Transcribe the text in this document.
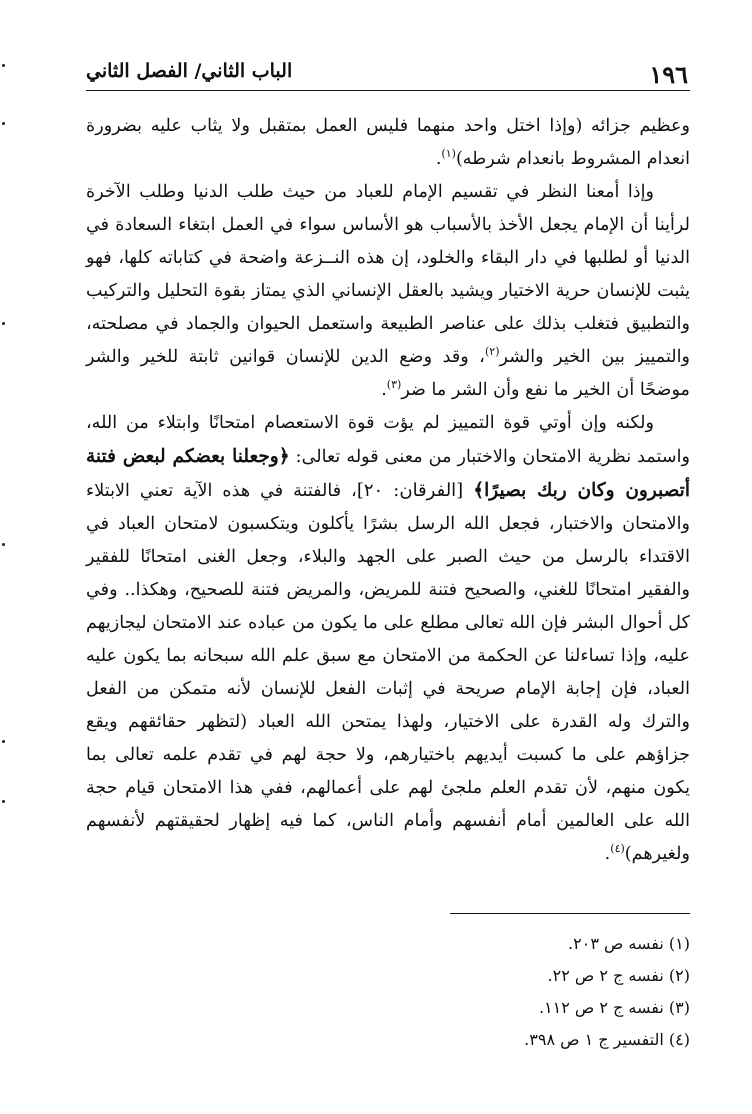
١٩٦
الباب الثاني/ الفصل الثاني

وعظيم جزائه (وإذا اختل واحد منهما فليس العمل بمتقبل ولا يثاب عليه بضرورة انعدام المشروط بانعدام شرطه)$^{(١)}$.

وإذا أمعنا النظر في تقسيم الإمام للعباد من حيث طلب الدنيا وطلب الآخرة لرأينا أن الإمام يجعل الأخذ بالأسباب هو الأساس سواء في العمل ابتغاء السعادة في الدنيا أو لطلبها في دار البقاء والخلود، إن هذه النــزعة واضحة في كتاباته كلها، فهو يثبت للإنسان حرية الاختيار ويشيد بالعقل الإنساني الذي يمتاز بقوة التحليل والتركيب والتطبيق فتغلب بذلك على عناصر الطبيعة واستعمل الحيوان والجماد في مصلحته، والتمييز بين الخير والشر$^{(٢)}$، وقد وضع الدين للإنسان قوانين ثابتة للخير والشر موضحًا أن الخير ما نفع وأن الشر ما ضر$^{(٣)}$.

ولكنه وإن أوتي قوة التمييز لم يؤت قوة الاستعصام امتحانًا وابتلاء من الله، واستمد نظرية الامتحان والاختبار من معنى قوله تعالى: ﴿وجعلنا بعضكم لبعض فتنة أتصبرون وكان ربك بصيرًا﴾ [الفرقان: ٢٠]، فالفتنة في هذه الآية تعني الابتلاء والامتحان والاختبار، فجعل الله الرسل بشرًا يأكلون ويتكسبون لامتحان العباد في الاقتداء بالرسل من حيث الصبر على الجهد والبلاء، وجعل الغنى امتحانًا للفقير والفقير امتحانًا للغني، والصحيح فتنة للمريض، والمريض فتنة للصحيح، وهكذا.. وفي كل أحوال البشر فإن الله تعالى مطلع على ما يكون من عباده عند الامتحان ليجازيهم عليه، وإذا تساءلنا عن الحكمة من الامتحان مع سبق علم الله سبحانه بما يكون عليه العباد، فإن إجابة الإمام صريحة في إثبات الفعل للإنسان لأنه متمكن من الفعل والترك وله القدرة على الاختيار، ولهذا يمتحن الله العباد (لتظهر حقائقهم ويقع جزاؤهم على ما كسبت أيديهم باختيارهم، ولا حجة لهم في تقدم علمه تعالى بما يكون منهم، لأن تقدم العلم ملجئ لهم على أعمالهم، ففي هذا الامتحان قيام حجة الله على العالمين أمام أنفسهم وأمام الناس، كما فيه إظهار لحقيقتهم لأنفسهم ولغيرهم)$^{(٤)}$.

(١) نفسه ص ٢٠٣.

(٢) نفسه ج ٢ ص ٢٢.

(٣) نفسه ج ٢ ص ١١٢.

(٤) التفسير ج ١ ص ٣٩٨.
